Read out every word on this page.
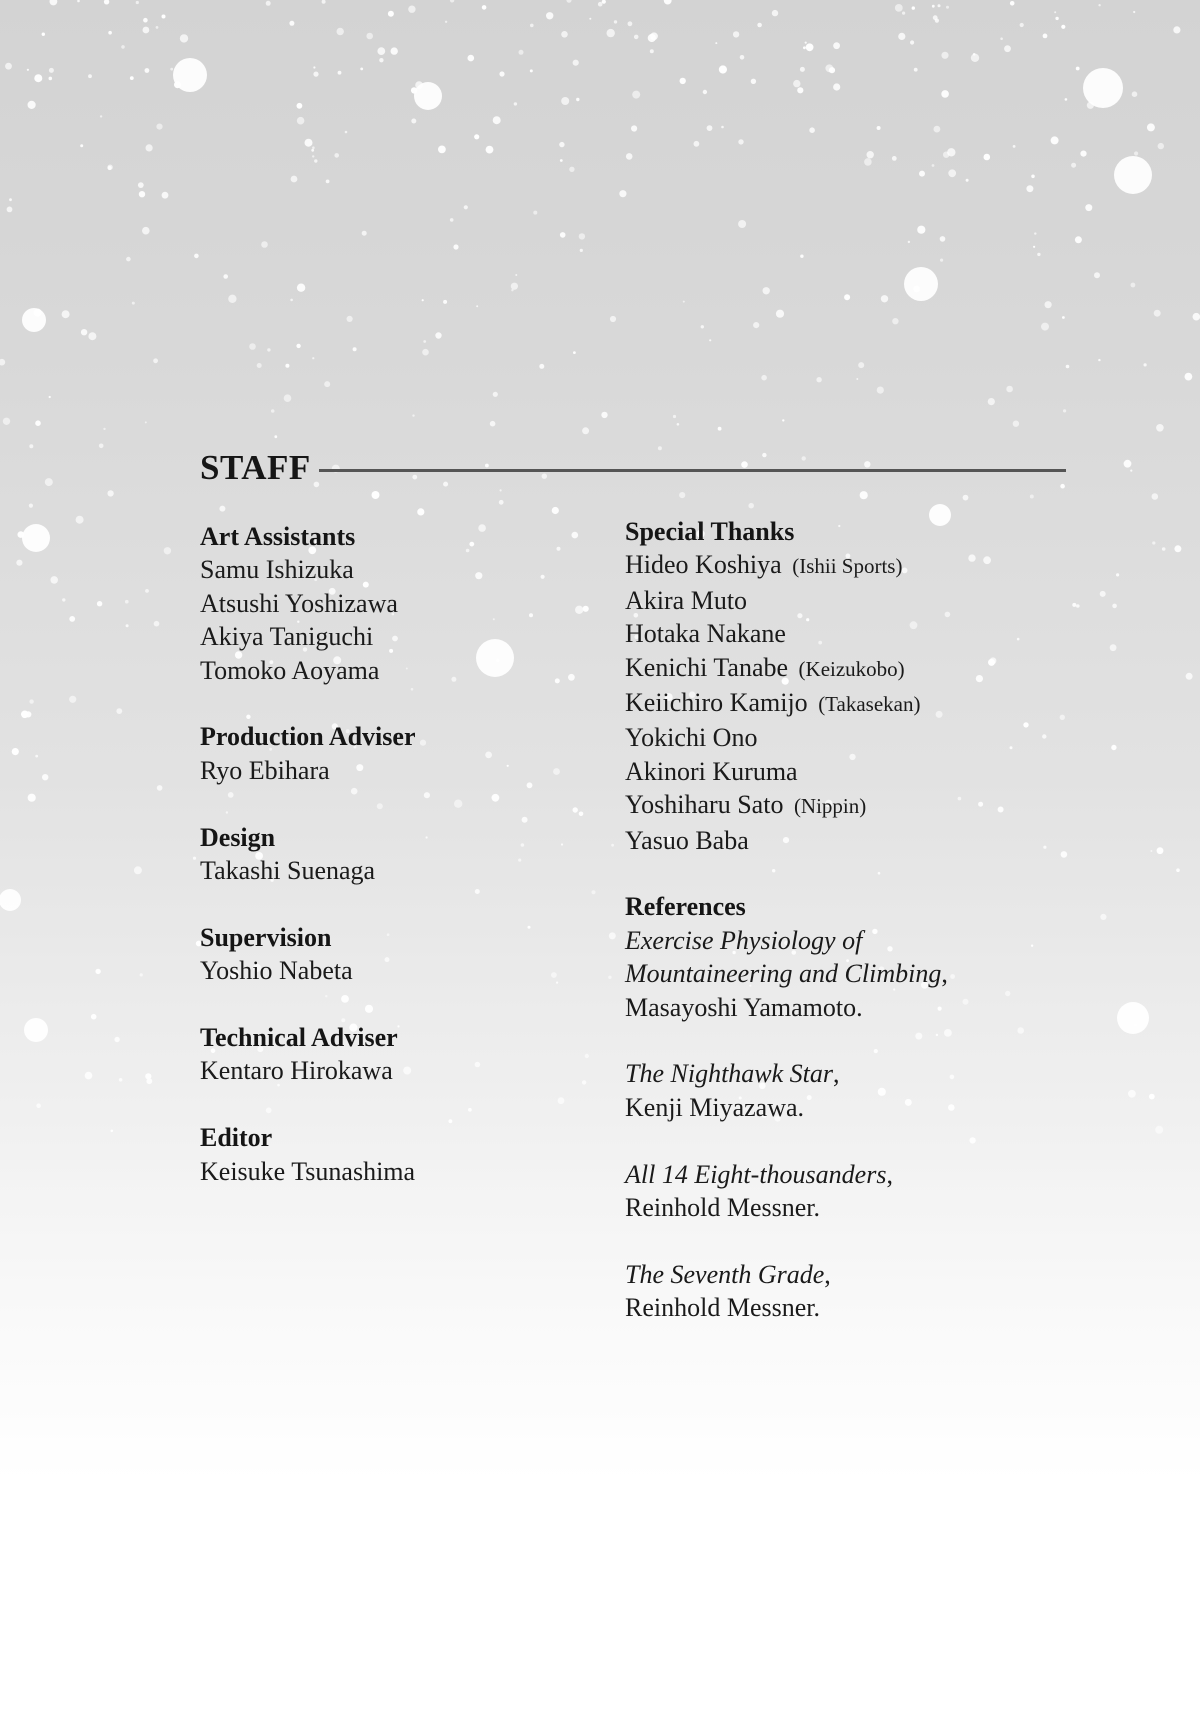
STAFF
Art Assistants
Samu Ishizuka
Atsushi Yoshizawa
Akiya Taniguchi
Tomoko Aoyama
Production Adviser
Ryo Ebihara
Design
Takashi Suenaga
Supervision
Yoshio Nabeta
Technical Adviser
Kentaro Hirokawa
Editor
Keisuke Tsunashima
Special Thanks
Hideo Koshiya (Ishii Sports)
Akira Muto
Hotaka Nakane
Kenichi Tanabe (Keizukobo)
Keiichiro Kamijo (Takasekan)
Yokichi Ono
Akinori Kuruma
Yoshiharu Sato (Nippin)
Yasuo Baba
References
Exercise Physiology of
Mountaineering and Climbing,
Masayoshi Yamamoto.
The Nighthawk Star,
Kenji Miyazawa.
All 14 Eight-thousanders,
Reinhold Messner.
The Seventh Grade,
Reinhold Messner.
